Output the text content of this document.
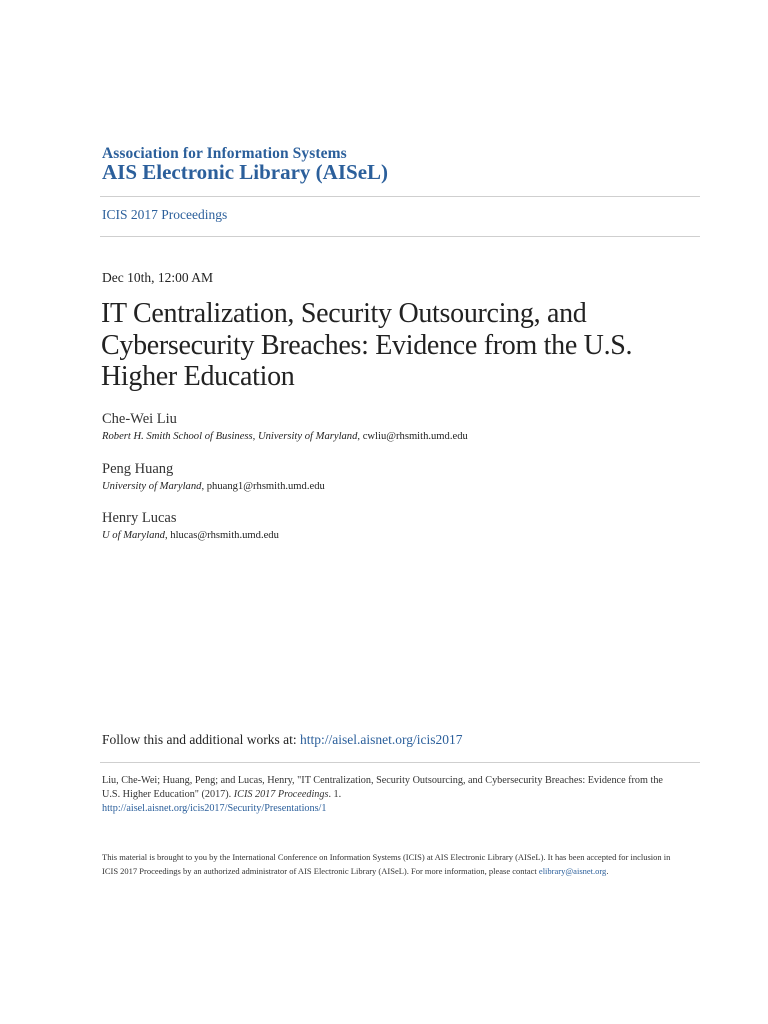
Association for Information Systems
AIS Electronic Library (AISeL)
ICIS 2017 Proceedings
Dec 10th, 12:00 AM
IT Centralization, Security Outsourcing, and Cybersecurity Breaches: Evidence from the U.S. Higher Education
Che-Wei Liu
Robert H. Smith School of Business, University of Maryland, cwliu@rhsmith.umd.edu
Peng Huang
University of Maryland, phuang1@rhsmith.umd.edu
Henry Lucas
U of Maryland, hlucas@rhsmith.umd.edu
Follow this and additional works at: http://aisel.aisnet.org/icis2017
Liu, Che-Wei; Huang, Peng; and Lucas, Henry, "IT Centralization, Security Outsourcing, and Cybersecurity Breaches: Evidence from the U.S. Higher Education" (2017). ICIS 2017 Proceedings. 1.
http://aisel.aisnet.org/icis2017/Security/Presentations/1
This material is brought to you by the International Conference on Information Systems (ICIS) at AIS Electronic Library (AISeL). It has been accepted for inclusion in ICIS 2017 Proceedings by an authorized administrator of AIS Electronic Library (AISeL). For more information, please contact elibrary@aisnet.org.
